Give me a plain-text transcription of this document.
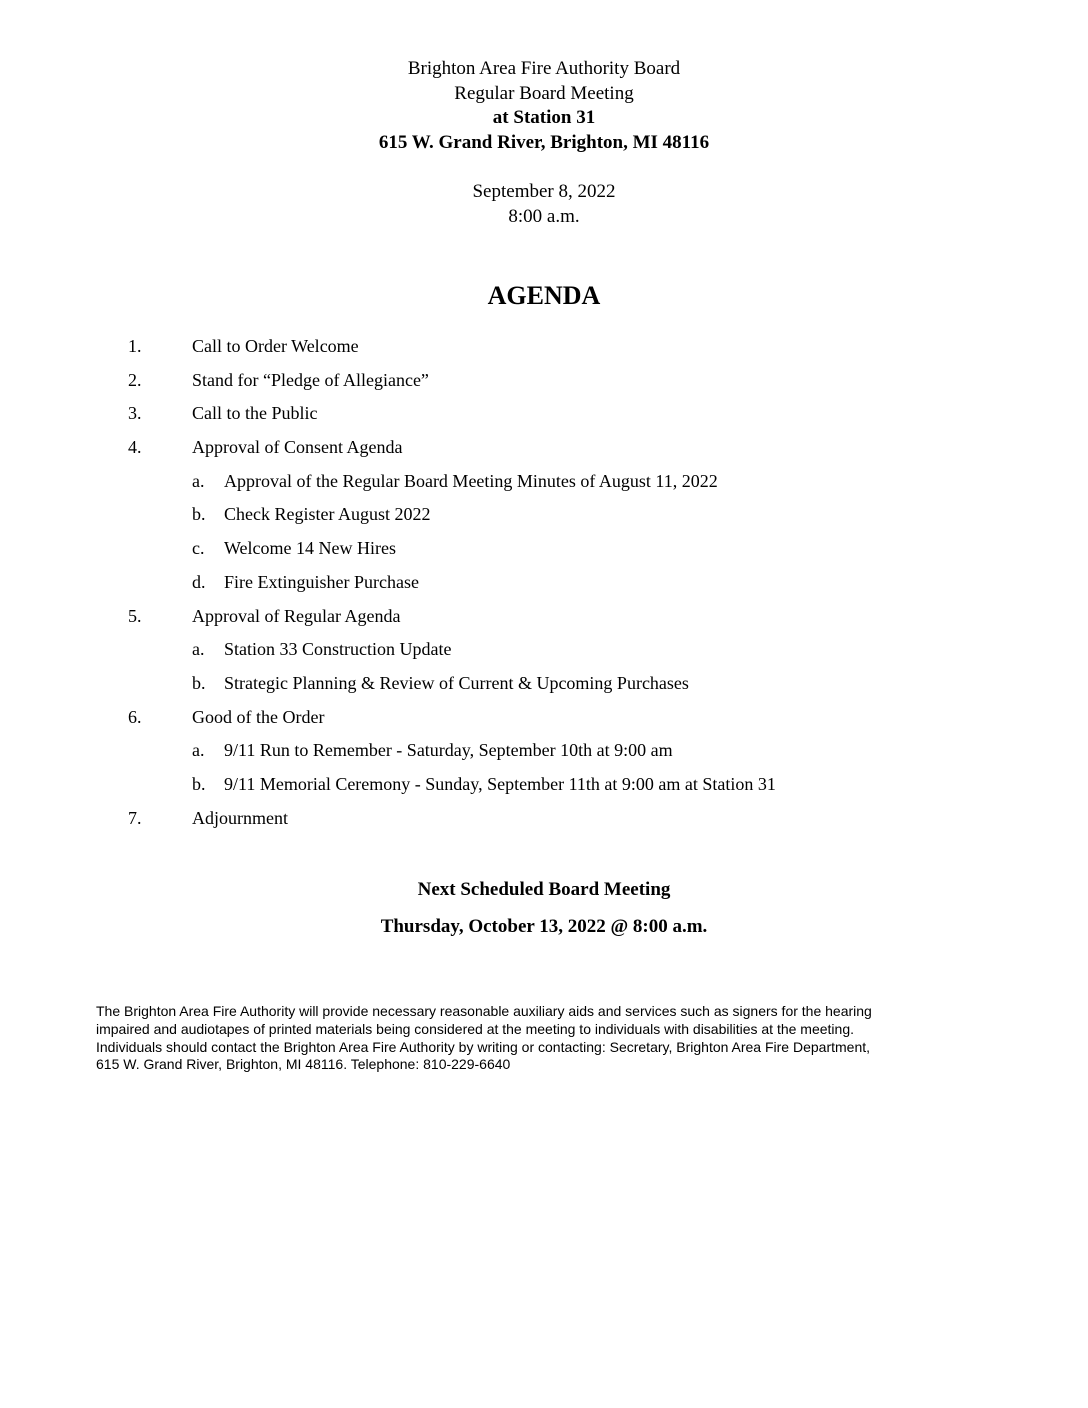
Brighton Area Fire Authority Board
Regular Board Meeting
at Station 31
615 W. Grand River, Brighton, MI 48116
September 8, 2022
8:00 a.m.
AGENDA
1.	Call to Order Welcome
2.	Stand for “Pledge of Allegiance”
3.	Call to the Public
4.	Approval of Consent Agenda
a. Approval of the Regular Board Meeting Minutes of August 11, 2022
b. Check Register August 2022
c. Welcome 14 New Hires
d. Fire Extinguisher Purchase
5.	Approval of Regular Agenda
a. Station 33 Construction Update
b. Strategic Planning & Review of Current & Upcoming Purchases
6.	Good of the Order
a. 9/11 Run to Remember - Saturday, September 10th at 9:00 am
b. 9/11 Memorial Ceremony - Sunday, September 11th at 9:00 am at Station 31
7.	Adjournment
Next Scheduled Board Meeting
Thursday, October 13, 2022 @ 8:00 a.m.
The Brighton Area Fire Authority will provide necessary reasonable auxiliary aids and services such as signers for the hearing
impaired and audiotapes of printed materials being considered at the meeting to individuals with disabilities at the meeting.
Individuals should contact the Brighton Area Fire Authority by writing or contacting: Secretary, Brighton Area Fire Department,
615 W. Grand River, Brighton, MI 48116. Telephone: 810-229-6640
